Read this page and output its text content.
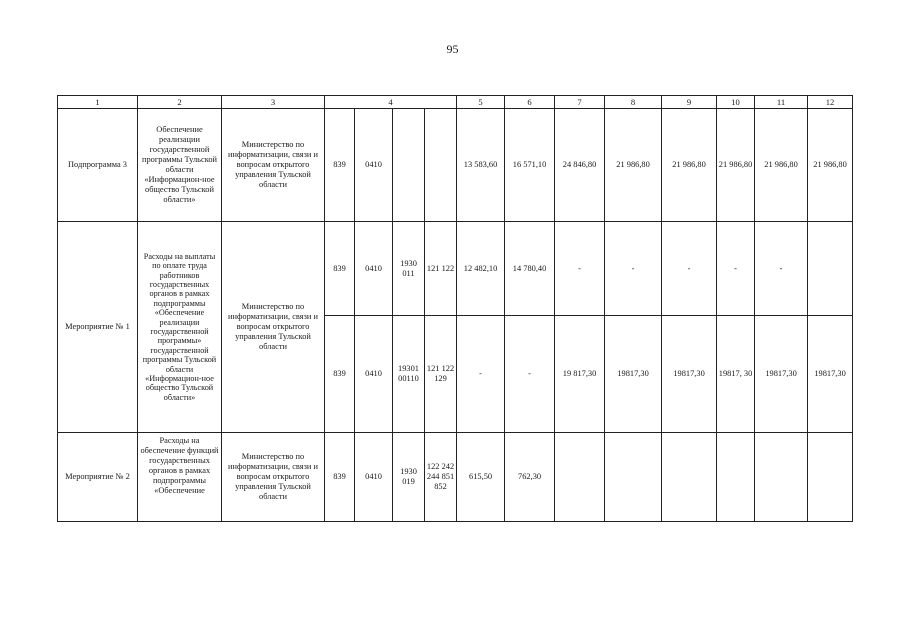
95
1	2	3	4				5	6	7	8	9	10	11	12
Подпрограмма 3	Обеспечение реализации государственной программы Тульской области «Информацион-ное общество Тульской области»	Министерство по информатизации, связи и вопросам открытого управления Тульской области	839	0410			13 583,60	16 571,10	24 846,80	21 986,80	21 986,80	21 986,80	21 986,80	21 986,80
Мероприятие № 1	Расходы на выплаты по оплате труда работников государственных органов в рамках подпрограммы «Обеспечение реализации государственной программы» государственной программы Тульской области «Информацион-ное общество Тульской области»	Министерство по информатизации, связи и вопросам открытого управления Тульской области	839	0410	1930 011	121 122	12 482,10	14 780,40	-	-	-	-	-	
			839	0410	19301 00110	121 122 129	-	-	19 817,30	19817,30	19817,30	19817, 30	19817,30	19817,30
Мероприятие № 2	Расходы на обеспечение функций государственных органов в рамках подпрограммы «Обеспечение	Министерство по информатизации, связи и вопросам открытого управления Тульской области	839	0410	1930 019	122 242 244 851 852	615,50	762,30						
